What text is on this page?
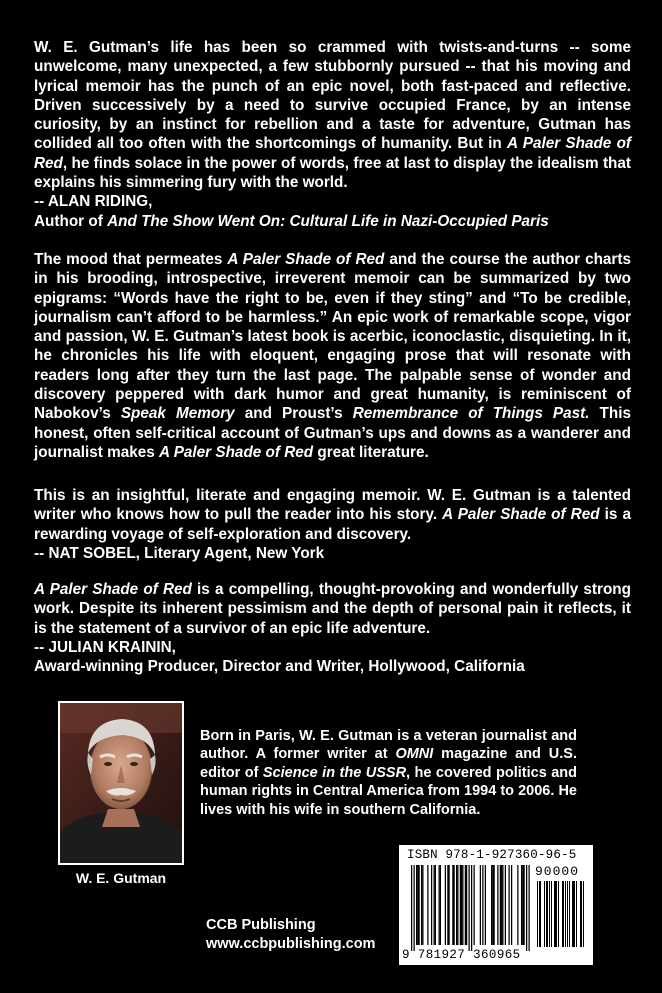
W. E. Gutman’s life has been so crammed with twists-and-turns -- some unwelcome, many unexpected, a few stubbornly pursued -- that his moving and lyrical memoir has the punch of an epic novel, both fast-paced and reflective. Driven successively by a need to survive occupied France, by an intense curiosity, by an instinct for rebellion and a taste for adventure, Gutman has collided all too often with the shortcomings of humanity. But in A Paler Shade of Red, he finds solace in the power of words, free at last to display the idealism that explains his simmering fury with the world.
-- ALAN RIDING,
Author of And The Show Went On: Cultural Life in Nazi-Occupied Paris
The mood that permeates A Paler Shade of Red and the course the author charts in his brooding, introspective, irreverent memoir can be summarized by two epigrams: “Words have the right to be, even if they sting” and “To be credible, journalism can’t afford to be harmless.” An epic work of remarkable scope, vigor and passion, W. E. Gutman’s latest book is acerbic, iconoclastic, disquieting. In it, he chronicles his life with eloquent, engaging prose that will resonate with readers long after they turn the last page. The palpable sense of wonder and discovery peppered with dark humor and great humanity, is reminiscent of Nabokov’s Speak Memory and Proust’s Remembrance of Things Past. This honest, often self-critical account of Gutman’s ups and downs as a wanderer and journalist makes A Paler Shade of Red great literature.
This is an insightful, literate and engaging memoir. W. E. Gutman is a talented writer who knows how to pull the reader into his story. A Paler Shade of Red is a rewarding voyage of self-exploration and discovery.
-- NAT SOBEL, Literary Agent, New York
A Paler Shade of Red is a compelling, thought-provoking and wonderfully strong work. Despite its inherent pessimism and the depth of personal pain it reflects, it is the statement of a survivor of an epic life adventure.
-- JULIAN KRAININ,
Award-winning Producer, Director and Writer, Hollywood, California
W. E. Gutman
Born in Paris, W. E. Gutman is a veteran journalist and author. A former writer at OMNI magazine and U.S. editor of Science in the USSR, he covered politics and human rights in Central America from 1994 to 2006. He lives with his wife in southern California.
CCB Publishing
www.ccbpublishing.com
ISBN 978-1-927360-96-5
90000
9 781927 360965
